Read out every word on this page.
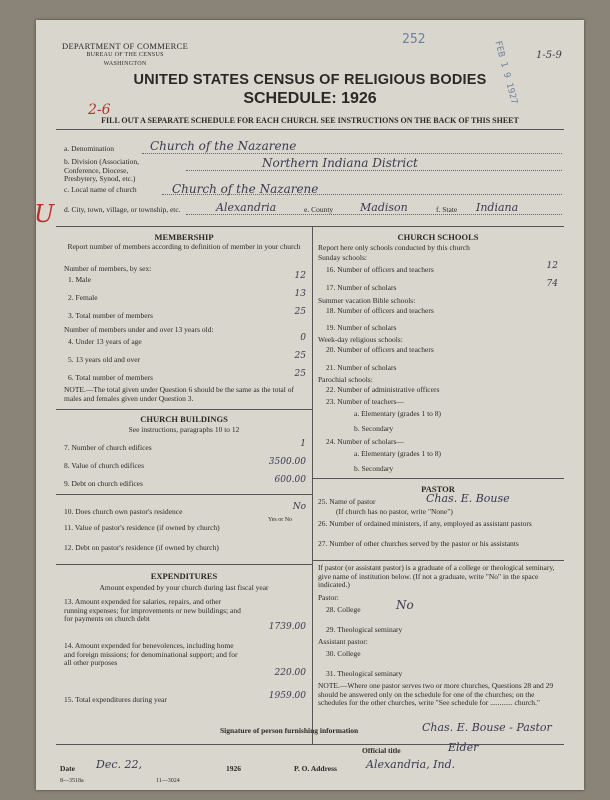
DEPARTMENT OF COMMERCE
BUREAU OF THE CENSUS
WASHINGTON
252
FEB 1 9 1927 1-5-9
UNITED STATES CENSUS OF RELIGIOUS BODIES
SCHEDULE: 1926
2-6
FILL OUT A SEPARATE SCHEDULE FOR EACH CHURCH. SEE INSTRUCTIONS ON THE BACK OF THIS SHEET
U
a. Denomination	Church of the Nazarene
b. Division (Association, Conference, Diocese, Presbytery, Synod, etc.)
Northern Indiana District
c. Local name of church	Church of the Nazarene
d. City, town, village, or township, etc.	Alexandria	e. County Madison	f. State Indiana
MEMBERSHIP
Report number of members according to definition of member in your church
Number of members, by sex:
1. Male	12
2. Female	13
3. Total number of members	25
Number of members under and over 13 years old:
4. Under 13 years of age	0
5. 13 years old and over	25
6. Total number of members	25
NOTE.—The total given under Question 6 should be the same as the total of males and females given under Question 3.
CHURCH BUILDINGS
See instructions, paragraphs 10 to 12
7. Number of church edifices	1
8. Value of church edifices	3500.00
9. Debt on church edifices	600.00
10. Does church own pastor's residence	No
Yes or No
11. Value of pastor's residence (if owned by church)
12. Debt on pastor's residence (if owned by church)
EXPENDITURES
Amount expended by your church during last fiscal year
13. Amount expended for salaries, repairs, and other running expenses; for improvements or new buildings; and for payments on church debt
1739.00
14. Amount expended for benevolences, including home and foreign missions; for denominational support; and for all other purposes
220.00
15. Total expenditures during year	1959.00
CHURCH SCHOOLS
Report here only schools conducted by this church
Sunday schools:
16. Number of officers and teachers	12
17. Number of scholars	74
Summer vacation Bible schools:
18. Number of officers and teachers
19. Number of scholars
Week-day religious schools:
20. Number of officers and teachers
21. Number of scholars
Parochial schools:
22. Number of administrative officers
23. Number of teachers—
a. Elementary (grades 1 to 8)
b. Secondary
24. Number of scholars—
a. Elementary (grades 1 to 8)
b. Secondary
PASTOR
25. Name of pastor	Chas. E. Bouse
(If church has no pastor, write "None")
26. Number of ordained ministers, if any, employed as assistant pastors
27. Number of other churches served by the pastor or his assistants
If pastor (or assistant pastor) is a graduate of a college or theological seminary, give name of institution below. (If not a graduate, write "No" in the space indicated.)
Pastor:
28. College	No
29. Theological seminary
Assistant pastor:
30. College
31. Theological seminary
NOTE.—Where one pastor serves two or more churches, Questions 28 and 29 should be answered only on the schedule for one of the churches; on the schedules for the other churches, write "See schedule for ............ church."
Signature of person furnishing information	Chas. E. Bouse - Pastor
Official title	Elder
Date Dec. 22,	1926	P. O. Address	Alexandria, Ind.
8—3518a	11—3024
